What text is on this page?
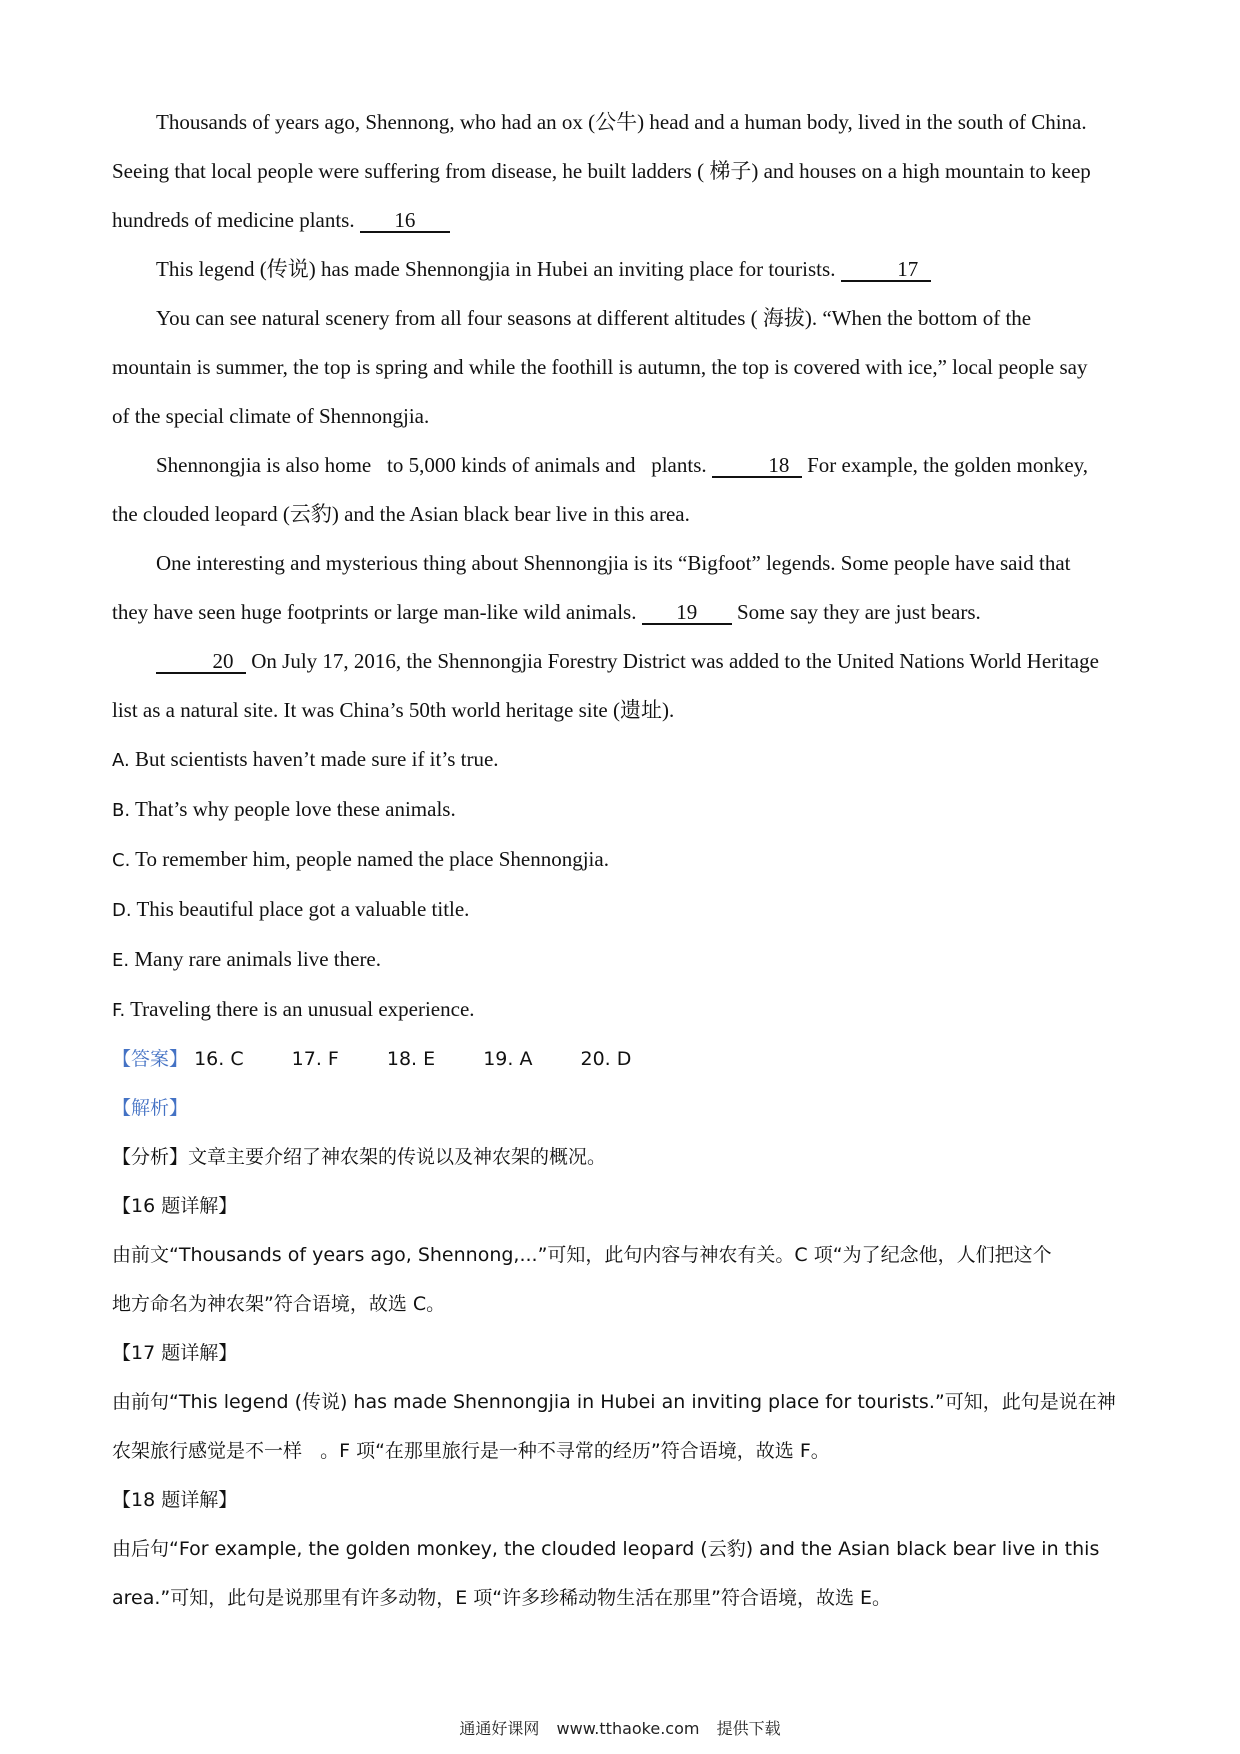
Thousands of years ago, Shennong, who had an ox (公牛) head and a human body, lived in the south of China.
Seeing that local people were suffering from disease, he built ladders ( 梯子) and houses on a high mountain to keep
hundreds of medicine plants. 16
This legend (传说) has made Shennongjia in Hubei an inviting place for tourists.	17
You can see natural scenery from all four seasons at different altitudes ( 海拔). “When the bottom of the
mountain is summer, the top is spring and while the foothill is autumn, the top is covered with ice,” local people say
of the special climate of Shennongjia.
Shennongjia is also home   to 5,000 kinds of animals and   plants.	18 For example, the golden monkey,
the clouded leopard (云豹) and the Asian black bear live in this area.
One interesting and mysterious thing about Shennongjia is its “Bigfoot” legends. Some people have said that
they have seen huge footprints or large man-like wild animals. 19 Some say they are just bears.
20 On July 17, 2016, the Shennongjia Forestry District was added to the United Nations World Heritage
list as a natural site. It was China’s 50th world heritage site (遗址).
A. But scientists haven’t made sure if it’s true.
B. That’s why people love these animals.
C. To remember him, people named the place Shennongjia.
D. This beautiful place got a valuable title.
E. Many rare animals live there.
F. Traveling there is an unusual experience.
【答案】 16. C	17. F	18. E	19. A	20. D
【解析】
【分析】文章主要介绍了神农架的传说以及神农架的概况。
【16 题详解】
由前文“Thousands of years ago, Shennong,...”可知，此句内容与神农有关。C 项“为了纪念他，人们把这个
地方命名为神农架”符合语境，故选 C。
【17 题详解】
由前句“This legend (传说) has made Shennongjia in Hubei an inviting place for tourists.”可知，此句是说在神
农架旅行感觉是不一样   。F 项“在那里旅行是一种不寻常的经历”符合语境，故选 F。
【18 题详解】
由后句“For example, the golden monkey, the clouded leopard (云豹) and the Asian black bear live in this
area.”可知，此句是说那里有许多动物，E 项“许多珍稀动物生活在那里”符合语境，故选 E。
通通好课网 www.tthaoke.com 提供下载
